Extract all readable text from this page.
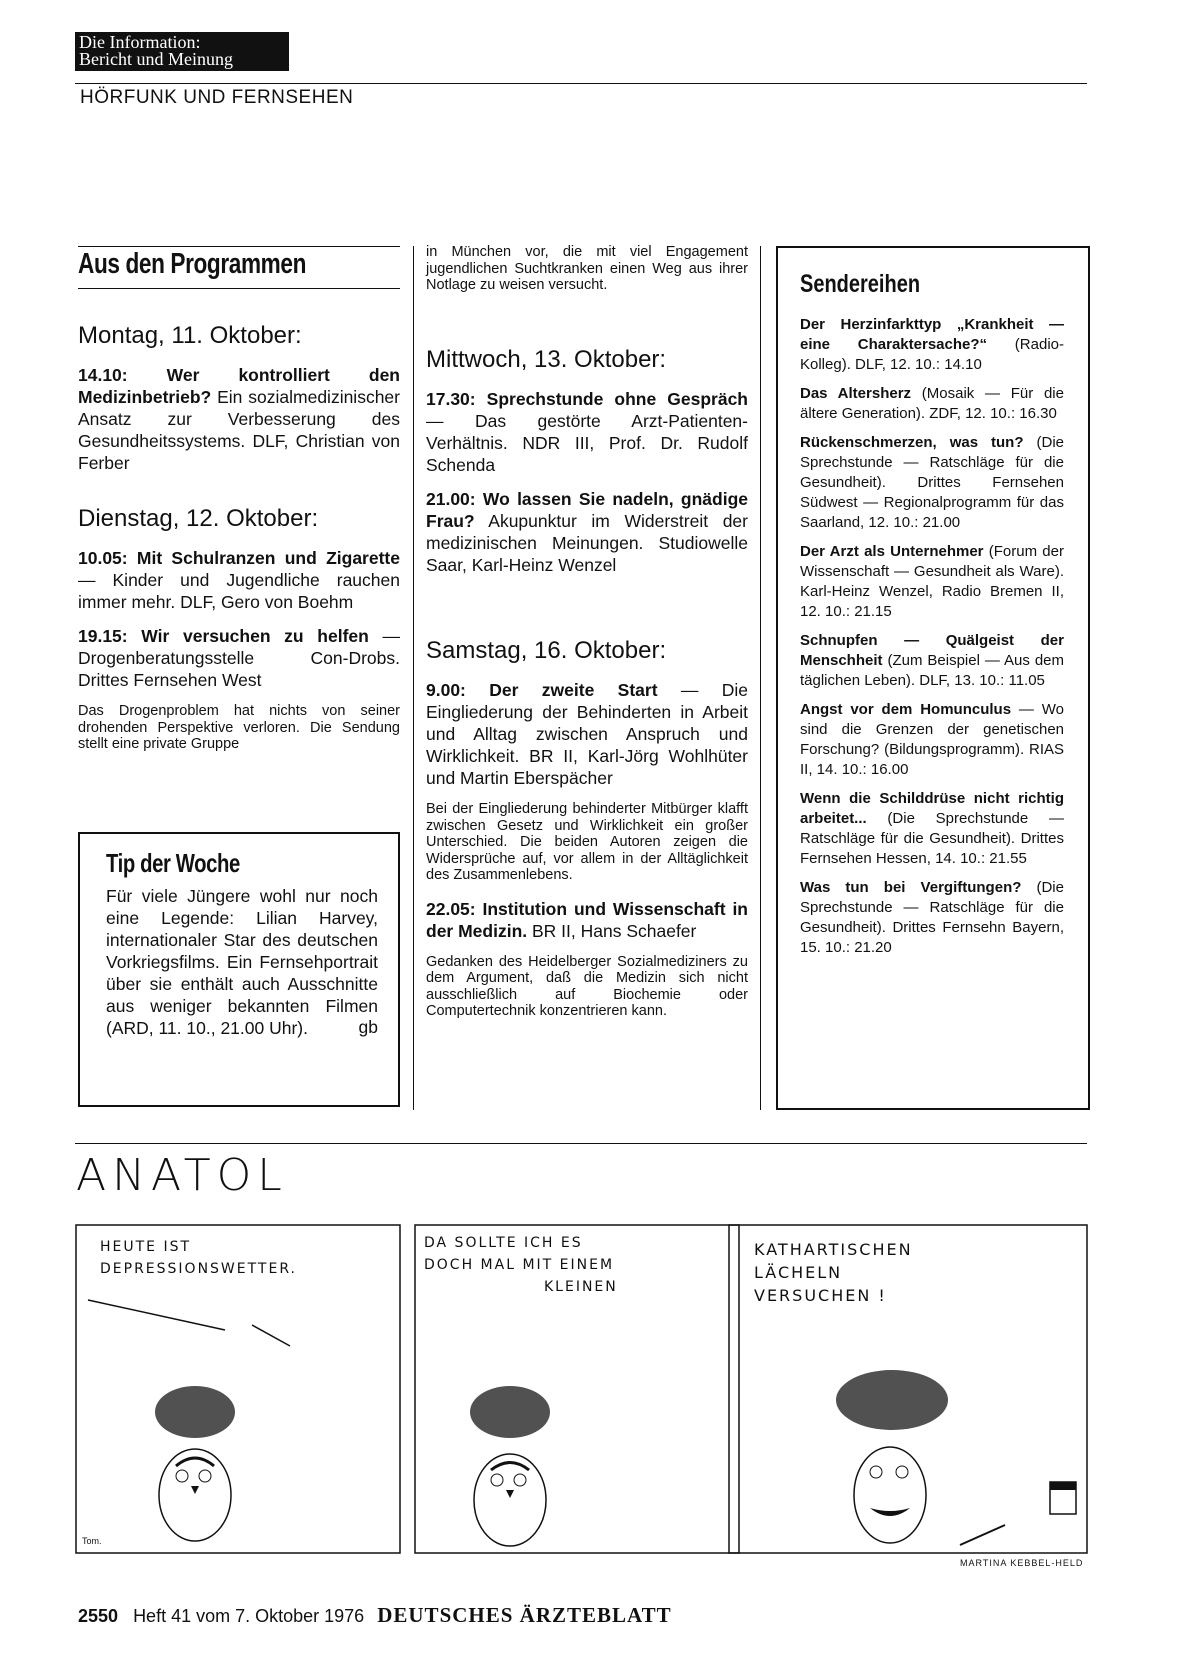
Die Information:
Bericht und Meinung
HÖRFUNK UND FERNSEHEN
Aus den Programmen
Montag, 11. Oktober:

14.10: Wer kontrolliert den Medizinbetrieb? Ein sozialmedizinischer Ansatz zur Verbesserung des Gesundheitssystems. DLF, Christian von Ferber

Dienstag, 12. Oktober:

10.05: Mit Schulranzen und Zigarette — Kinder und Jugendliche rauchen immer mehr. DLF, Gero von Boehm

19.15: Wir versuchen zu helfen — Drogenberatungsstelle Con-Drobs. Drittes Fernsehen West

Das Drogenproblem hat nichts von seiner drohenden Perspektive verloren. Die Sendung stellt eine private Gruppe

Tip der Woche

Für viele Jüngere wohl nur noch eine Legende: Lilian Harvey, internationaler Star des deutschen Vorkriegsfilms. Ein Fernsehportrait über sie enthält auch Ausschnitte aus weniger bekannten Filmen (ARD, 11. 10., 21.00 Uhr).	gb

in München vor, die mit viel Engagement jugendlichen Suchtkranken einen Weg aus ihrer Notlage zu weisen versucht.

Mittwoch, 13. Oktober:

17.30: Sprechstunde ohne Gespräch — Das gestörte Arzt-Patienten-Verhältnis. NDR III, Prof. Dr. Rudolf Schenda

21.00: Wo lassen Sie nadeln, gnädige Frau? Akupunktur im Widerstreit der medizinischen Meinungen. Studiowelle Saar, Karl-Heinz Wenzel

Samstag, 16. Oktober:

9.00: Der zweite Start — Die Eingliederung der Behinderten in Arbeit und Alltag zwischen Anspruch und Wirklichkeit. BR II, Karl-Jörg Wohlhüter und Martin Eberspächer

Bei der Eingliederung behinderter Mitbürger klafft zwischen Gesetz und Wirklichkeit ein großer Unterschied. Die beiden Autoren zeigen die Widersprüche auf, vor allem in der Alltäglichkeit des Zusammenlebens.

22.05: Institution und Wissenschaft in der Medizin. BR II, Hans Schaefer

Gedanken des Heidelberger Sozialmediziners zu dem Argument, daß die Medizin sich nicht ausschließlich auf Biochemie oder Computertechnik konzentrieren kann.

Sendereihen

Der Herzinfarkttyp „Krankheit — eine Charaktersache?“ (Radio-Kolleg). DLF, 12. 10.: 14.10

Das Altersherz (Mosaik — Für die ältere Generation). ZDF, 12. 10.: 16.30

Rückenschmerzen, was tun? (Die Sprechstunde — Ratschläge für die Gesundheit). Drittes Fernsehen Südwest — Regionalprogramm für das Saarland, 12. 10.: 21.00

Der Arzt als Unternehmer (Forum der Wissenschaft — Gesundheit als Ware). Karl-Heinz Wenzel, Radio Bremen II, 12. 10.: 21.15

Schnupfen — Quälgeist der Menschheit (Zum Beispiel — Aus dem täglichen Leben). DLF, 13. 10.: 11.05

Angst vor dem Homunculus — Wo sind die Grenzen der genetischen Forschung? (Bildungsprogramm). RIAS II, 14. 10.: 16.00

Wenn die Schilddrüse nicht richtig arbeitet... (Die Sprechstunde — Ratschläge für die Gesundheit). Drittes Fernsehen Hessen, 14. 10.: 21.55

Was tun bei Vergiftungen? (Die Sprechstunde — Ratschläge für die Gesundheit). Drittes Fernsehn Bayern, 15. 10.: 21.20

ANATOL
HEUTE IST
DEPRESSIONSWETTER.
DA SOLLTE ICH ES
DOCH MAL MIT EINEM
KLEINEN
KATHARTISCHEN
LÄCHELN
VERSUCHEN !
Tom.
MARTINA KEBBEL-HELD
2550 Heft 41 vom 7. Oktober 1976 DEUTSCHES ÄRZTEBLATT
